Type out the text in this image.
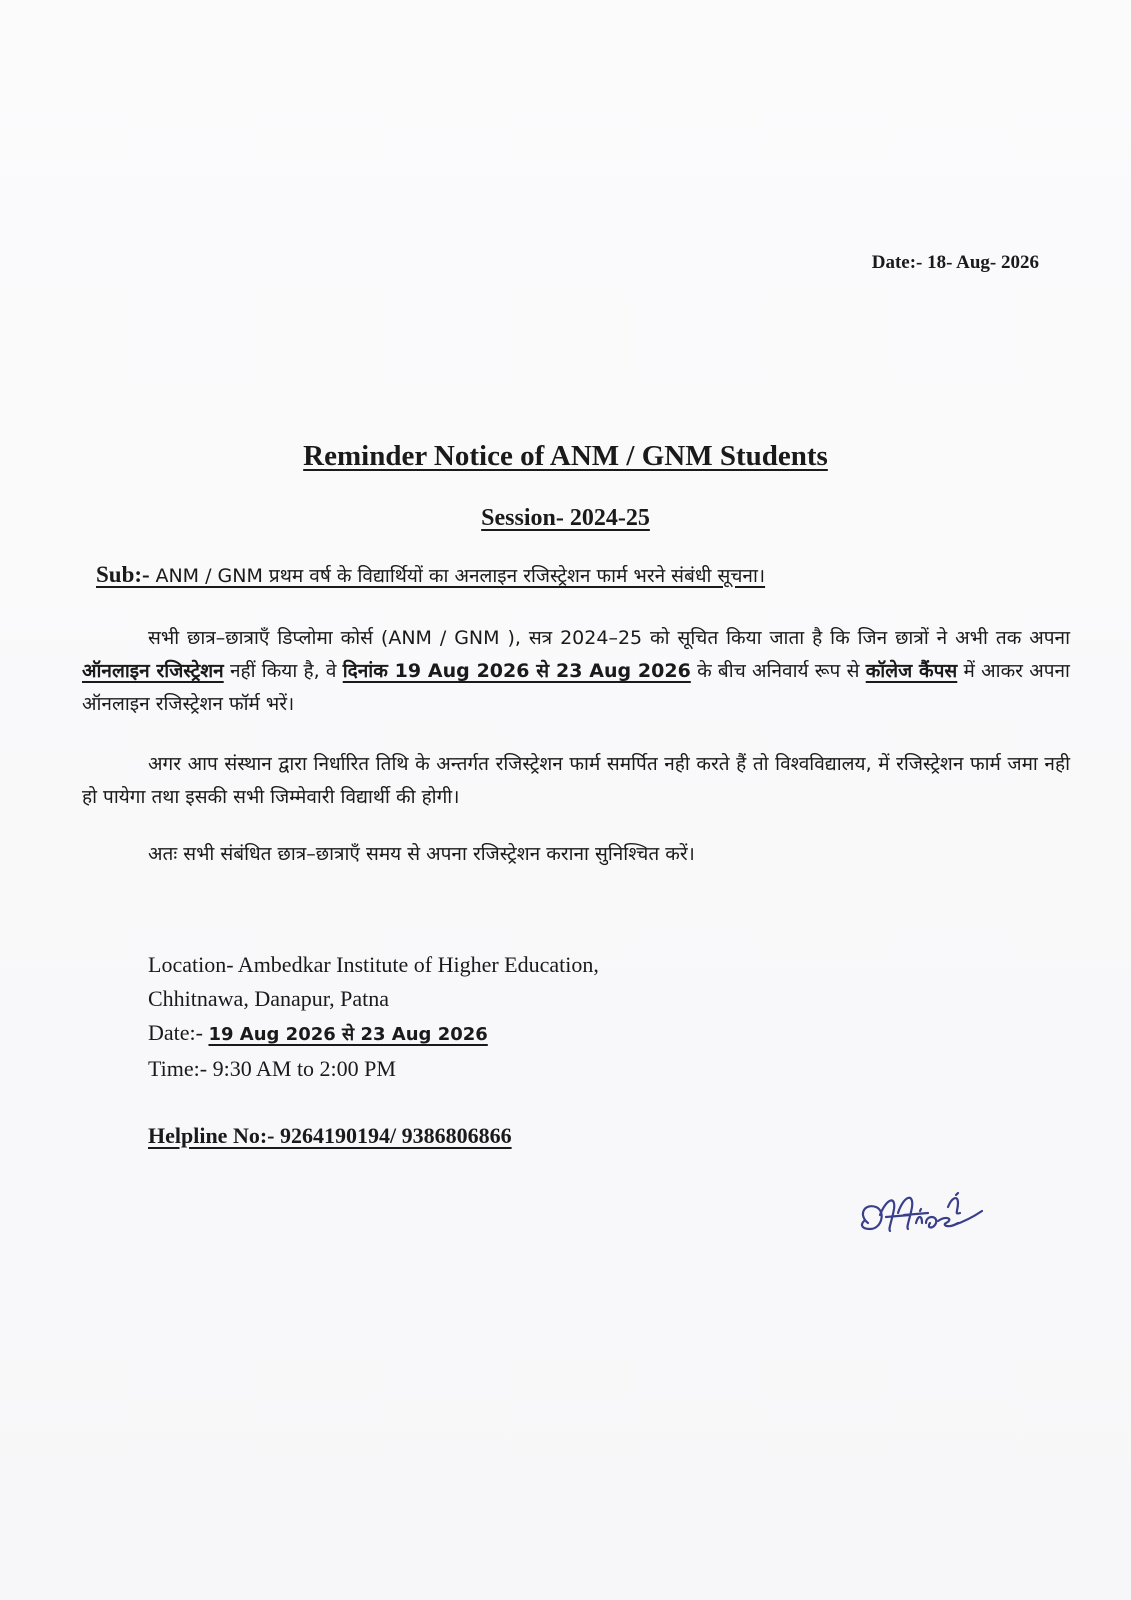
Date:- 18- Aug- 2026
Reminder Notice of ANM / GNM Students
Session- 2024-25
Sub:- ANM / GNM प्रथम वर्ष के विद्यार्थियों का अनलाइन रजिस्ट्रेशन फार्म भरने संबंधी सूचना।
सभी छात्र–छात्राएँ डिप्लोमा कोर्स (ANM / GNM ), सत्र 2024–25 को सूचित किया जाता है कि जिन छात्रों ने अभी तक अपना ऑनलाइन रजिस्ट्रेशन नहीं किया है, वे दिनांक 19 Aug 2026 से 23 Aug 2026 के बीच अनिवार्य रूप से कॉलेज कैंपस में आकर अपना ऑनलाइन रजिस्ट्रेशन फॉर्म भरें।
अगर आप संस्थान द्वारा निर्धारित तिथि के अन्तर्गत रजिस्ट्रेशन फार्म समर्पित नही करते हैं तो विश्वविद्यालय, में रजिस्ट्रेशन फार्म जमा नही हो पायेगा तथा इसकी सभी जिम्मेवारी विद्यार्थी की होगी।
अतः सभी संबंधित छात्र–छात्राएँ समय से अपना रजिस्ट्रेशन कराना सुनिश्चित करें।
Location- Ambedkar Institute of Higher Education,
Chhitnawa, Danapur, Patna
Date:- 19 Aug 2026 से 23 Aug 2026
Time:- 9:30 AM to 2:00 PM
Helpline No:- 9264190194/ 9386806866
